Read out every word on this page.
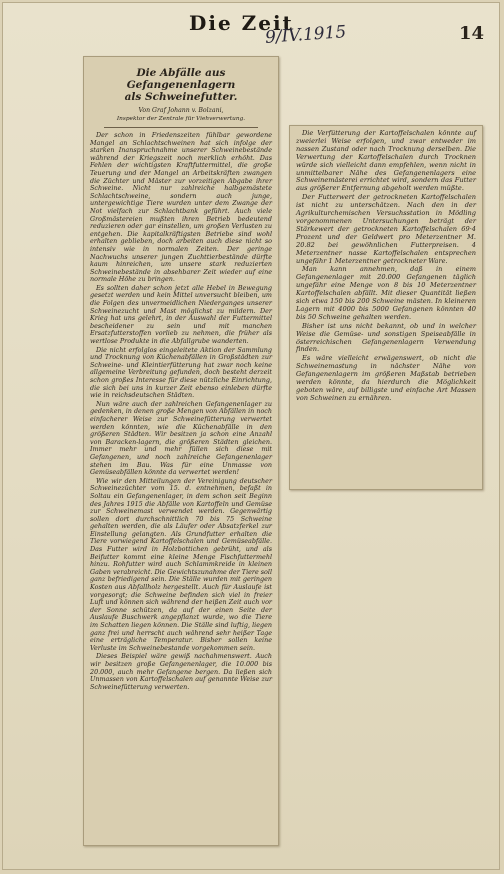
Die Zeit
9/IV.1915	14
Die Abfälle aus Gefangenenlagern
als Schweinefutter.
Von Graf Johann v. Bolzani,
Inspektor der Zentrale für Viehverwertung.

Der schon in Friedenszeiten fühlbar gewordene Mangel an Schlachtschweinen hat sich infolge der starken Inanspruchnahme unserer Schweinebestände während der Kriegszeit noch merklich erhöht. Das Fehlen der wichtigsten Kraftfuttermittel, die große Teuerung und der Mangel an Arbeitskräften zwangen die Züchter und Mäster zur vorzeitigen Abgabe ihrer Schweine. Nicht nur zahlreiche halbgemästete Schlachtschweine, sondern auch junge, untergewichtige Tiere wurden unter dem Zwange der Not vielfach zur Schlachtbank geführt. Auch viele Großmästereien mußten ihren Betrieb bedeutend reduzieren oder gar einstellen, um großen Verlusten zu entgehen. Die kapitalkräftigsten Betriebe sind wohl erhalten geblieben, doch arbeiten auch diese nicht so intensiv wie in normalen Zeiten. Der geringe Nachwuchs unserer jungen Zuchttierbestände dürfte kaum hinreichen, um unsere stark reduzierten Schweinebestände in absehbarer Zeit wieder auf eine normale Höhe zu bringen.

Es sollten daher schon jetzt alle Hebel in Bewegung gesetzt werden und kein Mittel unversucht bleiben, um die Folgen des unvermeidlichen Niederganges unserer Schweinezucht und Mast möglichst zu mildern. Der Krieg hat uns gelehrt, in der Auswahl der Futtermittel bescheidener zu sein und mit manchen Ersatzfutterstoffen vorlieb zu nehmen, die früher als wertlose Produkte in die Abfallgrube wanderten.

Die nicht erfolglos eingeleitete Aktion der Sammlung und Trocknung von Küchenabfällen in Großstädten zur Schweine- und Kleintierfütterung hat zwar noch keine allgemeine Verbreitung gefunden, doch besteht derzeit schon großes Interesse für diese nützliche Einrichtung, die sich bei uns in kurzer Zeit ebenso einleben dürfte wie in reichsdeutschen Städten.

Nun wäre auch der zahlreichen Gefangenenlager zu gedenken, in denen große Mengen von Abfällen in noch einfacherer Weise zur Schweinefütterung verwertet werden könnten, wie die Küchenabfälle in den größeren Städten. Wir besitzen ja schon eine Anzahl von Baracken-lagern, die größeren Städten gleichen. Immer mehr und mehr füllen sich diese mit Gefangenen, und noch zahlreiche Gefangenenlager stehen im Bau. Was für eine Unmasse von Gemüseabfällen könnte da verwertet werden!

Wie wir den Mitteilungen der Vereinigung deutscher Schweinezüchter vom 15. d. entnehmen, befaßt in Soltau ein Gefangenenlager, in dem schon seit Beginn des Jahres 1915 die Abfälle von Kartoffeln und Gemüse zur Schweinemast verwendet werden. Gegenwärtig sollen dort durchschnittlich 70 bis 75 Schweine gehalten werden, die als Läufer oder Absatzferkel zur Einstellung gelangten. Als Grundfutter erhalten die Tiere vorwiegend Kartoffelschalen und Gemüseabfälle. Das Futter wird in Holzbottichen gebrüht, und als Beifutter kommt eine kleine Menge Fischfuttermehl hinzu. Rohfutter wird auch Schlammkreide in kleinen Gaben verabreicht. Die Gewichtszunahme der Tiere soll ganz befriedigend sein. Die Ställe wurden mit geringen Kosten aus Abfallholz hergestellt. Auch für Auslaufe ist vorgesorgt; die Schweine befinden sich viel in freier Luft und können sich während der heißen Zeit auch vor der Sonne schützen, da auf der einen Seite der Auslaufe Buschwerk angepflanzt wurde, wo die Tiere im Schatten liegen können. Die Ställe sind luftig, liegen ganz frei und herrscht auch während sehr heißer Tage eine erträgliche Temperatur. Bisher sollen keine Verluste im Schweinebestande vorgekommen sein.

Dieses Beispiel wäre gewiß nachahmenswert. Auch wir besitzen große Gefangenenlager, die 10.000 bis 20.000, auch mehr Gefangene bergen. Da ließen sich Unmassen von Kartoffelschalen auf genannte Weise zur Schweinefütterung verwerten.

Die Verfütterung der Kartoffelschalen könnte auf zweierlei Weise erfolgen, und zwar entweder im nassen Zustand oder nach Trocknung derselben. Die Verwertung der Kartoffelschalen durch Trocknen würde sich vielleicht dann empfehlen, wenn nicht in unmittelbarer Nähe des Gefangenenlagers eine Schweinemästerei errichtet wird, sondern das Futter aus größerer Entfernung abgeholt werden müßte.

Der Futterwert der getrockneten Kartoffelschalen ist nicht zu unterschätzen. Nach den in der Agrikulturchemischen Versuchsstation in Mödling vorgenommenen Untersuchungen beträgt der Stärkewert der getrockneten Kartoffelschalen 69·4 Prozent und der Geldwert pro Meterzentner M. 20.82 bei gewöhnlichen Futterpreisen. 4 Meterzentner nasse Kartoffelschalen entsprechen ungefähr 1 Meterzentner getrockneter Ware.

Man kann annehmen, daß in einem Gefangenenlager mit 20.000 Gefangenen täglich ungefähr eine Menge von 8 bis 10 Meterzentner Kartoffelschalen abfällt. Mit dieser Quantität ließen sich etwa 150 bis 200 Schweine mästen. In kleineren Lagern mit 4000 bis 5000 Gefangenen könnten 40 bis 50 Schweine gehalten werden.

Bisher ist uns nicht bekannt, ob und in welcher Weise die Gemüse- und sonstigen Speiseabfälle in österreichischen Gefangenenlagern Verwendung finden.

Es wäre vielleicht erwägenswert, ob nicht die Schweinemastung in nächster Nähe von Gefangenenlagern im größeren Maßstab betrieben werden könnte, da hierdurch die Möglichkeit geboten wäre, auf billigste und einfache Art Massen von Schweinen zu ernähren.
